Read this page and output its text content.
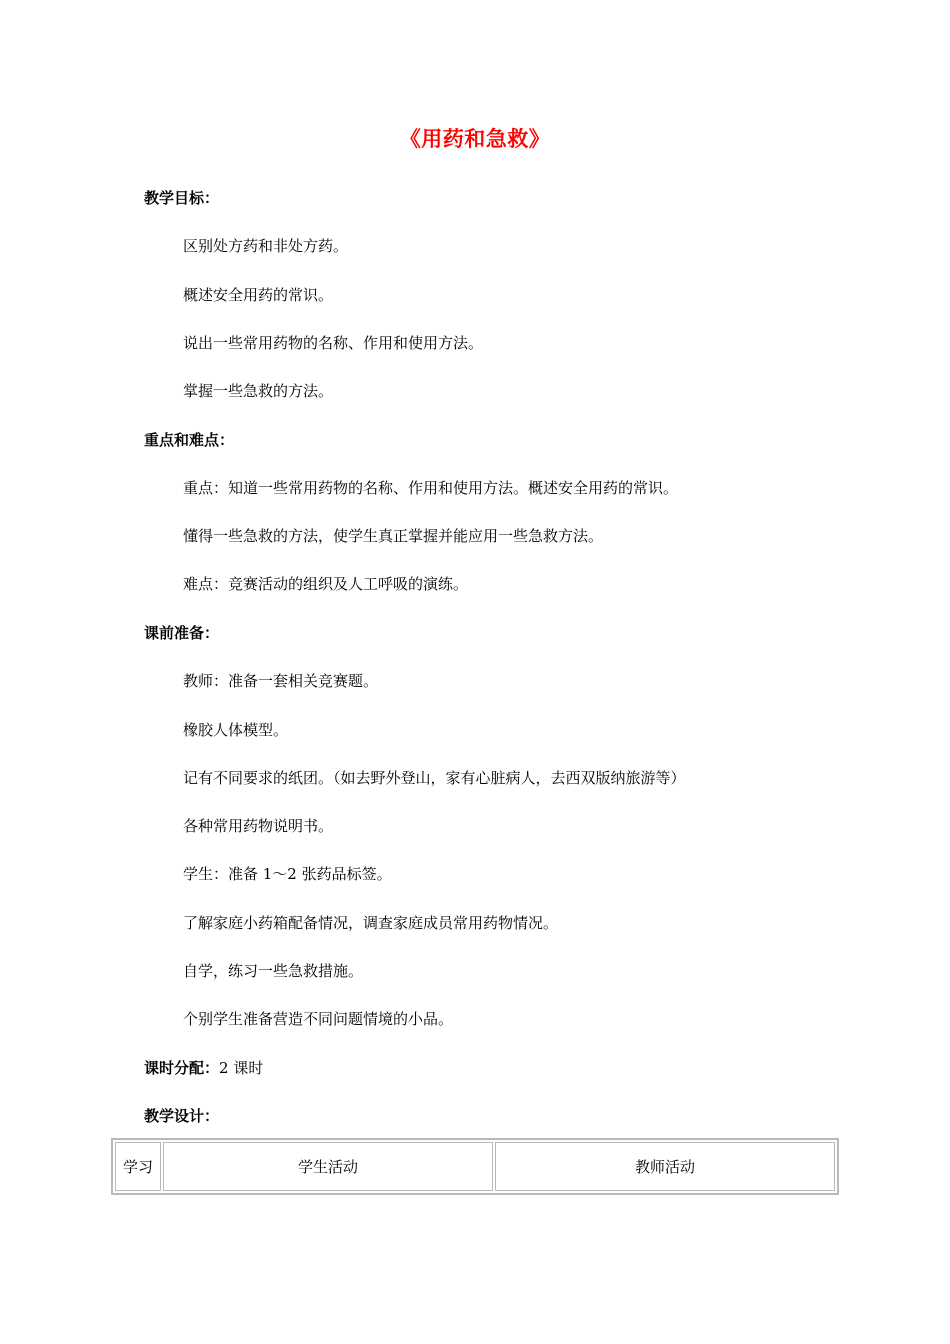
《用药和急救》
教学目标：

区别处方药和非处方药。

概述安全用药的常识。

说出一些常用药物的名称、作用和使用方法。

掌握一些急救的方法。

重点和难点：

重点：知道一些常用药物的名称、作用和使用方法。概述安全用药的常识。

懂得一些急救的方法，使学生真正掌握并能应用一些急救方法。

难点：竞赛活动的组织及人工呼吸的演练。

课前准备：

教师：准备一套相关竞赛题。

橡胶人体模型。

记有不同要求的纸团。（如去野外登山，家有心脏病人，去西双版纳旅游等）

各种常用药物说明书。

学生：准备 1～2 张药品标签。

了解家庭小药箱配备情况，调查家庭成员常用药物情况。

自学，练习一些急救措施。

个别学生准备营造不同问题情境的小品。

课时分配：2 课时
教学设计：
学习	学生活动	教师活动
